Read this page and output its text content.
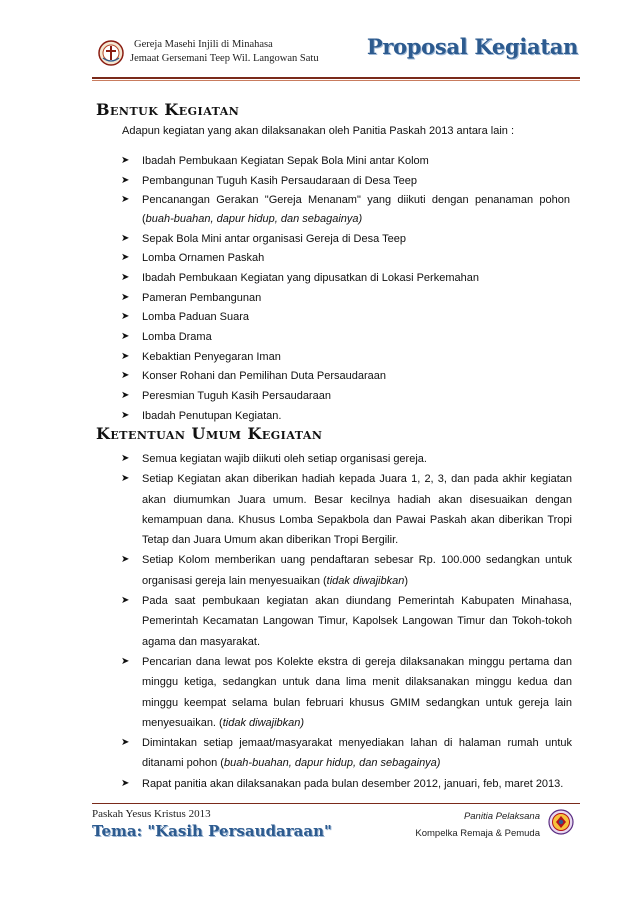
Gereja Masehi Injili di Minahasa
Jemaat Gersemani Teep Wil. Langowan Satu Proposal Kegiatan
Bentuk Kegiatan
Adapun kegiatan yang akan dilaksanakan oleh Panitia Paskah 2013 antara lain :
➤ Ibadah Pembukaan Kegiatan Sepak Bola Mini antar Kolom
➤ Pembangunan Tuguh Kasih Persaudaraan di Desa Teep
➤ Pencanangan Gerakan "Gereja Menanam" yang diikuti dengan penanaman pohon (buah-buahan, dapur hidup, dan sebagainya)
➤ Sepak Bola Mini antar organisasi Gereja di Desa Teep
➤ Lomba Ornamen Paskah
➤ Ibadah Pembukaan Kegiatan yang dipusatkan di Lokasi Perkemahan
➤ Pameran Pembangunan
➤ Lomba Paduan Suara
➤ Lomba Drama
➤ Kebaktian Penyegaran Iman
➤ Konser Rohani dan Pemilihan Duta Persaudaraan
➤ Peresmian Tuguh Kasih Persaudaraan
➤ Ibadah Penutupan Kegiatan.
Ketentuan Umum Kegiatan
➤ Semua kegiatan wajib diikuti oleh setiap organisasi gereja.
➤ Setiap Kegiatan akan diberikan hadiah kepada Juara 1, 2, 3, dan pada akhir kegiatan akan diumumkan Juara umum. Besar kecilnya hadiah akan disesuaikan dengan kemampuan dana. Khusus Lomba Sepakbola dan Pawai Paskah akan diberikan Tropi Tetap dan Juara Umum akan diberikan Tropi Bergilir.
➤ Setiap Kolom memberikan uang pendaftaran sebesar Rp. 100.000 sedangkan untuk organisasi gereja lain menyesuaikan (tidak diwajibkan)
➤ Pada saat pembukaan kegiatan akan diundang Pemerintah Kabupaten Minahasa, Pemerintah Kecamatan Langowan Timur, Kapolsek Langowan Timur dan Tokoh-tokoh agama dan masyarakat.
➤ Pencarian dana lewat pos Kolekte ekstra di gereja dilaksanakan minggu pertama dan minggu ketiga, sedangkan untuk dana lima menit dilaksanakan minggu kedua dan minggu keempat selama bulan februari khusus GMIM sedangkan untuk gereja lain menyesuaikan. (tidak diwajibkan)
➤ Dimintakan setiap jemaat/masyarakat menyediakan lahan di halaman rumah untuk ditanami pohon (buah-buahan, dapur hidup, dan sebagainya)
➤ Rapat panitia akan dilaksanakan pada bulan desember 2012, januari, feb, maret 2013.
Paskah Yesus Kristus 2013
Tema: "Kasih Persaudaraan"
Panitia Pelaksana
Kompelka Remaja & Pemuda
